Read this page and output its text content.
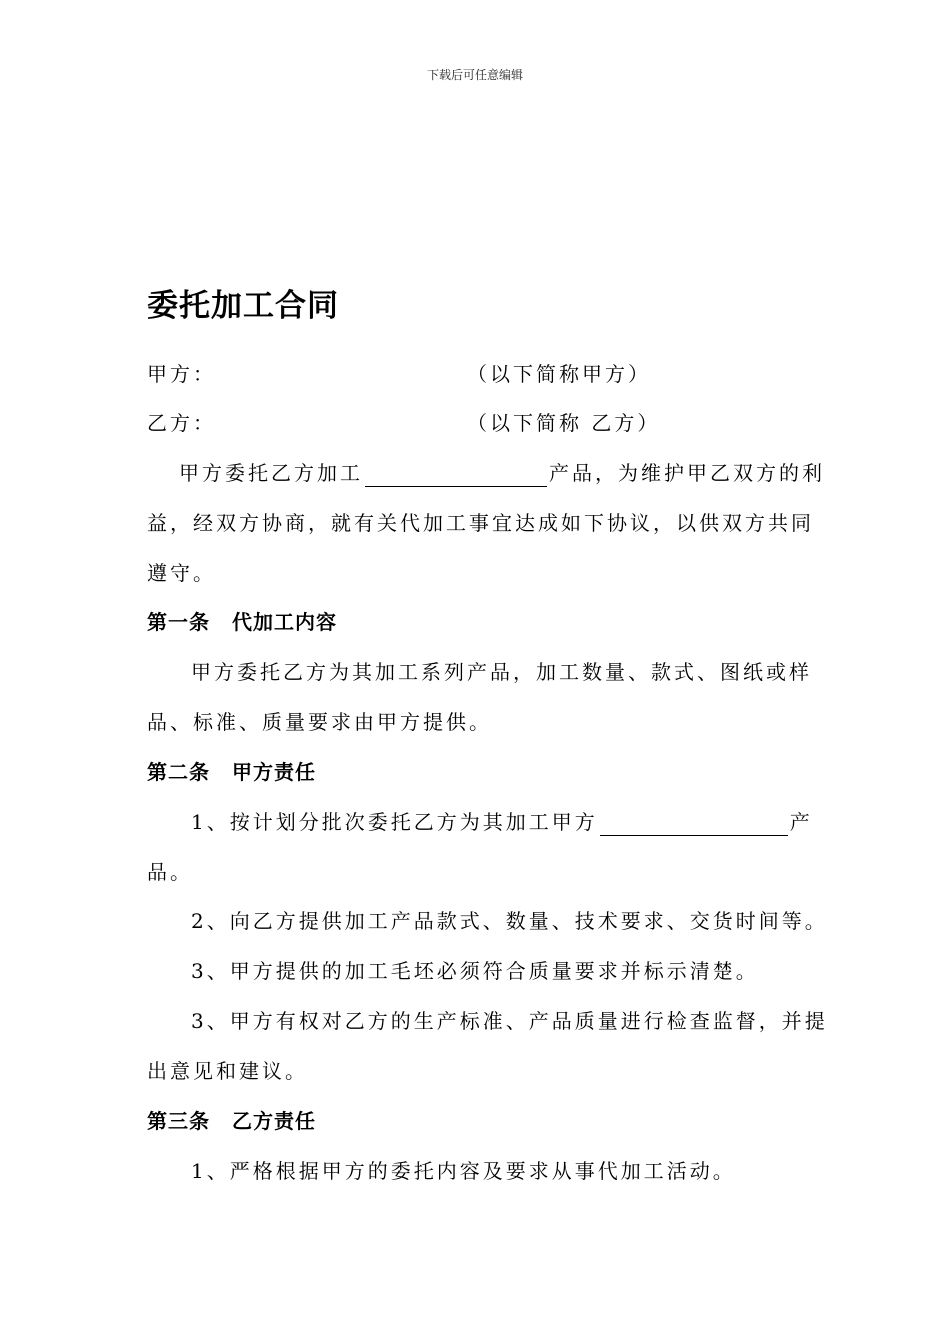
下载后可任意编辑
委托加工合同
甲方：	（以下简称甲方）
乙方：	（以下简称 乙方）
甲方委托乙方加工	产品，为维护甲乙双方的利
益，经双方协商，就有关代加工事宜达成如下协议，以供双方共同
遵守。
第一条 代加工内容
甲方委托乙方为其加工系列产品，加工数量、款式、图纸或样
品、标准、质量要求由甲方提供。
第二条 甲方责任
1、按计划分批次委托乙方为其加工甲方	产
品。
2、向乙方提供加工产品款式、数量、技术要求、交货时间等。
3、甲方提供的加工毛坯必须符合质量要求并标示清楚。
3、甲方有权对乙方的生产标准、产品质量进行检查监督，并提
出意见和建议。
第三条 乙方责任
1、严格根据甲方的委托内容及要求从事代加工活动。
